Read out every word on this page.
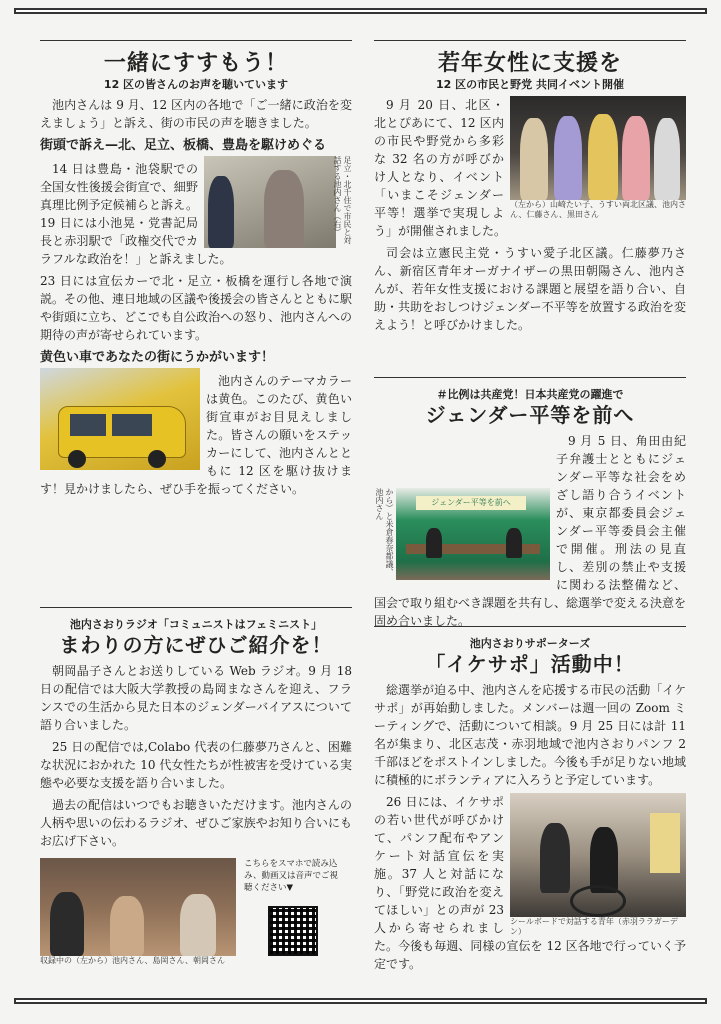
一緒にすすもう！
12 区の皆さんのお声を聴いています

池内さんは 9 月、12 区内の各地で「ご一緒に政治を変えましょう」と訴え、街の市民の声を聴きました。

街頭で訴え—北、足立、板橋、豊島を駆けめぐる
足立・北千住で市民と対話する池内さん（右）

14 日は豊島・池袋駅での全国女性後援会街宣で、細野真理比例予定候補らと訴え。19 日には小池晃・党書記局長と赤羽駅で「政権交代でカラフルな政治を！」と訴えました。

23 日には宣伝カーで北・足立・板橋を運行し各地で演説。その他、連日地域の区議や後援会の皆さんとともに駅や街頭に立ち、どこでも自公政治への怒り、池内さんへの期待の声が寄せられています。

黄色い車であなたの街にうかがいます！

池内さんのテーマカラーは黄色。このたび、黄色い街宣車がお目見えしました。皆さんの願いをステッカーにして、池内さんとともに 12 区を駆け抜けます！見かけましたら、ぜひ手を振ってください。

池内さおりラジオ「コミュニストはフェミニスト」
まわりの方にぜひご紹介を！

朝岡晶子さんとお送りしている Web ラジオ。9 月 18 日の配信では大阪大学教授の島岡まなさんを迎え、フランスでの生活から見た日本のジェンダーバイアスについて語り合いました。

25 日の配信では,Colabo 代表の仁藤夢乃さんと、困難な状況におかれた 10 代女性たちが性被害を受けている実態や必要な支援を語り合いました。

過去の配信はいつでもお聴きいただけます。池内さんの人柄や思いの伝わるラジオ、ぜひご家族やお知り合いにもお広げ下さい。

収録中の（左から）池内さん、島岡さん、朝岡さん
こちらをスマホで読み込み、動画又は音声でご視聴ください▼
若年女性に支援を
12 区の市民と野党 共同イベント開催
（左から）山崎たい子、うすい両北区議、池内さん、仁藤さん、黒田さん

9 月 20 日、北区・北とぴあにて、12 区内の市民や野党から多彩な 32 名の方が呼びかけ人となり、イベント「いまこそジェンダー平等！選挙で実現しよう」が開催されました。

司会は立憲民主党・うすい愛子北区議。仁藤夢乃さん、新宿区青年オーガナイザーの黒田朝陽さん、池内さんが、若年女性支援における課題と展望を語り合い、自助・共助をおしつけジェンダー不平等を放置する政治を変えよう！と呼びかけました。

＃比例は共産党！日本共産党の躍進で
ジェンダー平等を前へ
から）と米倉春奈都議、池内さん
ジェンダー平等を前へ

9 月 5 日、角田由紀子弁護士とともにジェンダー平等な社会をめざし語り合うイベントが、東京都委員会ジェンダー平等委員会主催で開催。刑法の見直し、差別の禁止や支援に関わる法整備など、国会で取り組むべき課題を共有し、総選挙で変える決意を固め合いました。

池内さおりサポーターズ
「イケサポ」活動中！

総選挙が迫る中、池内さんを応援する市民の活動「イケサポ」が再始動しました。メンバーは週一回の Zoom ミーティングで、活動について相談。9 月 25 日には計 11 名が集まり、北区志茂・赤羽地域で池内さおりパンフ 2 千部ほどをポストインしました。今後も手が足りない地域に積極的にボランティアに入ろうと予定しています。

シールボードで対話する青年（赤羽ララガーデン）

26 日には、イケサポの若い世代が呼びかけて、パンフ配布やアンケート対話宣伝を実施。37 人と対話になり、「野党に政治を変えてほしい」との声が 23 人から寄せられました。今後も毎週、同様の宣伝を 12 区各地で行っていく予定です。
